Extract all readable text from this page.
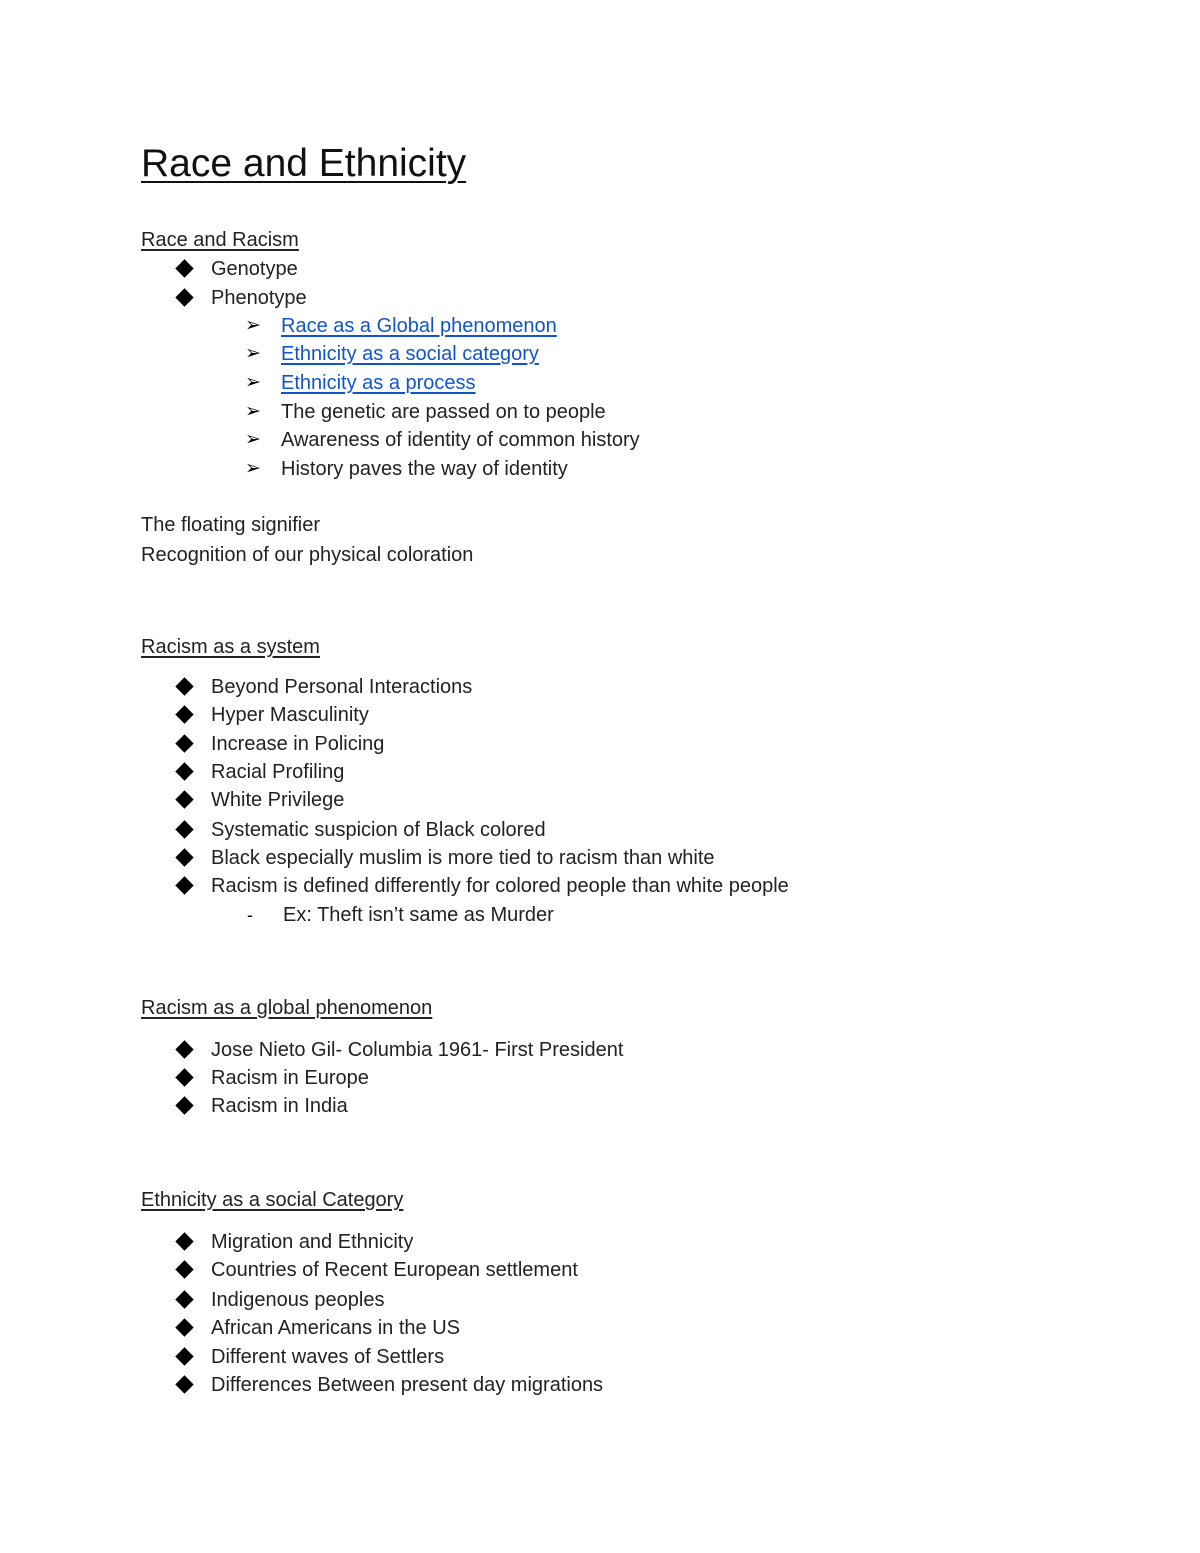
Race and Ethnicity
Race and Racism
Genotype
Phenotype
➢	Race as a Global phenomenon
➢	Ethnicity as a social category
➢	Ethnicity as a process
➢	The genetic are passed on to people
➢	Awareness of identity of common history
➢	History paves the way of identity
The floating signifier
Recognition of our physical coloration
Racism as a system
Beyond Personal Interactions
Hyper Masculinity
Increase in Policing
Racial Profiling
White Privilege
Systematic suspicion of Black colored
Black especially muslim is more tied to racism than white
Racism is defined differently for colored people than white people
-	Ex: Theft isn’t same as Murder
Racism as a global phenomenon
Jose Nieto Gil- Columbia 1961- First President
Racism in Europe
Racism in India
Ethnicity as a social Category
Migration and Ethnicity
Countries of Recent European settlement
Indigenous peoples
African Americans in the US
Different waves of Settlers
Differences Between present day migrations
